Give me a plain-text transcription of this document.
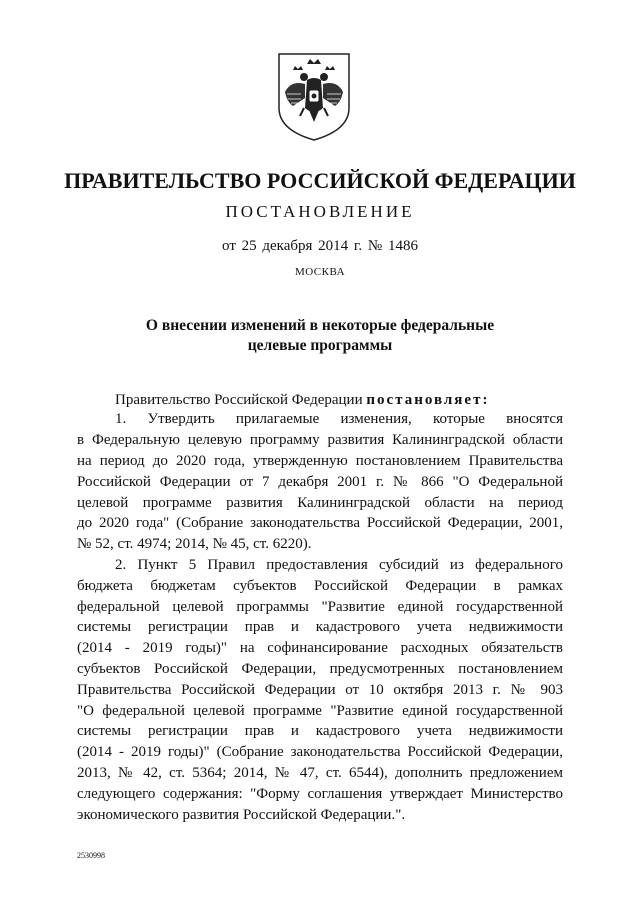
ПРАВИТЕЛЬСТВО РОССИЙСКОЙ ФЕДЕРАЦИИ
ПОСТАНОВЛЕНИЕ
от 25 декабря 2014 г. № 1486
МОСКВА
О внесении изменений в некоторые федеральные
целевые программы
Правительство Российской Федерации постановляет:
1. Утвердить прилагаемые изменения, которые вносятся
в Федеральную целевую программу развития Калининградской области
на период до 2020 года, утвержденную постановлением Правительства
Российской Федерации от 7 декабря 2001 г. № 866 "О Федеральной
целевой программе развития Калининградской области на период
до 2020 года" (Собрание законодательства Российской Федерации, 2001,
№ 52, ст. 4974; 2014, № 45, ст. 6220).
2. Пункт 5 Правил предоставления субсидий из федерального
бюджета бюджетам субъектов Российской Федерации в рамках
федеральной целевой программы "Развитие единой государственной
системы регистрации прав и кадастрового учета недвижимости
(2014 - 2019 годы)" на софинансирование расходных обязательств
субъектов Российской Федерации, предусмотренных постановлением
Правительства Российской Федерации от 10 октября 2013 г. № 903
"О федеральной целевой программе "Развитие единой государственной
системы регистрации прав и кадастрового учета недвижимости
(2014 - 2019 годы)" (Собрание законодательства Российской Федерации,
2013, № 42, ст. 5364; 2014, № 47, ст. 6544), дополнить предложением
следующего содержания: "Форму соглашения утверждает Министерство
экономического развития Российской Федерации.".
2530998
